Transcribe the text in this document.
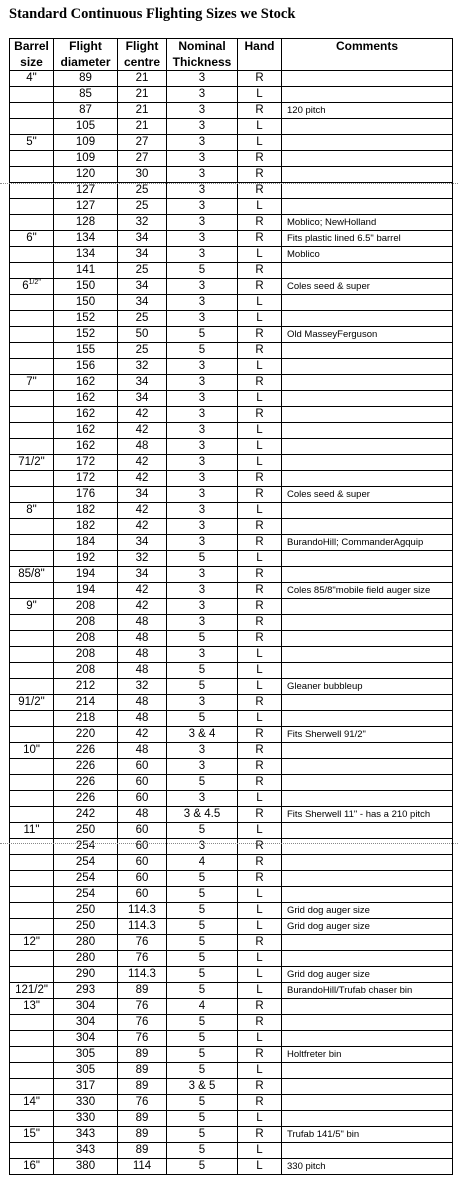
Standard Continuous Flighting Sizes we Stock
Barrel	Flight	Flight	Nominal	Hand	Comments
size	diameter	centre	Thickness		
4"	89	21	3	R	
	85	21	3	L	
	87	21	3	R	120 pitch
	105	21	3	L	
5"	109	27	3	L	
	109	27	3	R	
	120	30	3	R	
	127	25	3	R	
	127	25	3	L	
	128	32	3	R	Moblico; NewHolland
6"	134	34	3	R	Fits plastic lined 6.5" barrel
	134	34	3	L	Moblico
	141	25	5	R	
$6^{1/2"}$	150	34	3	R	Coles seed & super
	150	34	3	L	
	152	25	3	L	
	152	50	5	R	Old MasseyFerguson
	155	25	5	R	
	156	32	3	L	
7"	162	34	3	R	
	162	34	3	L	
	162	42	3	R	
	162	42	3	L	
	162	48	3	L	
71/2"	172	42	3	L	
	172	42	3	R	
	176	34	3	R	Coles seed & super
8"	182	42	3	L	
	182	42	3	R	
	184	34	3	R	BurandoHill; CommanderAgquip
	192	32	5	L	
85/8"	194	34	3	R	
	194	42	3	R	Coles 85/8"mobile field auger size
9"	208	42	3	R	
	208	48	3	R	
	208	48	5	R	
	208	48	3	L	
	208	48	5	L	
	212	32	5	L	Gleaner bubbleup
91/2"	214	48	3	R	
	218	48	5	L	
	220	42	3 & 4	R	Fits Sherwell 91/2"
10"	226	48	3	R	
	226	60	3	R	
	226	60	5	R	
	226	60	3	L	
	242	48	3 & 4.5	R	Fits Sherwell 11" - has a 210 pitch
11"	250	60	5	L	
	254	60	3	R	
	254	60	4	R	
	254	60	5	R	
	254	60	5	L	
	250	114.3	5	L	Grid dog auger size
	250	114.3	5	L	Grid dog auger size
12"	280	76	5	R	
	280	76	5	L	
	290	114.3	5	L	Grid dog auger size
121/2"	293	89	5	L	BurandoHill/Trufab chaser bin
13"	304	76	4	R	
	304	76	5	R	
	304	76	5	L	
	305	89	5	R	Holtfreter bin
	305	89	5	L	
	317	89	3 & 5	R	
14"	330	76	5	R	
	330	89	5	L	
15"	343	89	5	R	Trufab 141/5" bin
	343	89	5	L	
16"	380	114	5	L	330 pitch
